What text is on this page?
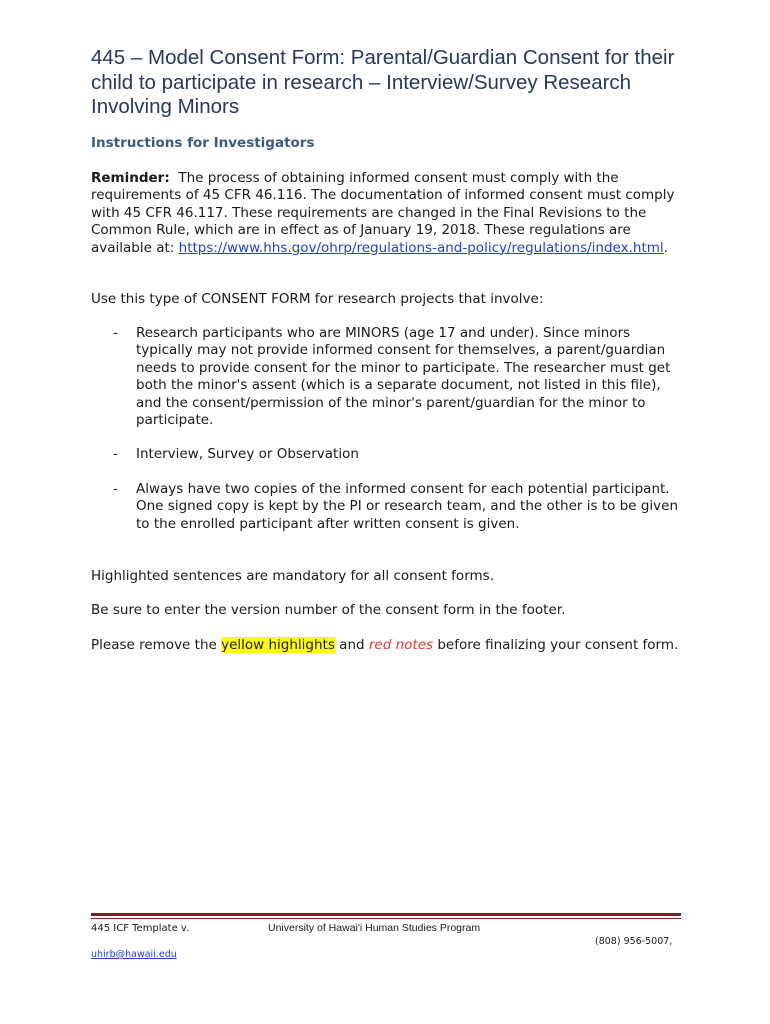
445 – Model Consent Form: Parental/Guardian Consent for their child to participate in research – Interview/Survey Research Involving Minors
Instructions for Investigators

Reminder: The process of obtaining informed consent must comply with the requirements of 45 CFR 46.116. The documentation of informed consent must comply with 45 CFR 46.117. These requirements are changed in the Final Revisions to the Common Rule, which are in effect as of January 19, 2018. These regulations are available at: https://www.hhs.gov/ohrp/regulations-and-policy/regulations/index.html.

Use this type of CONSENT FORM for research projects that involve:

- Research participants who are MINORS (age 17 and under). Since minors typically may not provide informed consent for themselves, a parent/guardian needs to provide consent for the minor to participate. The researcher must get both the minor's assent (which is a separate document, not listed in this file), and the consent/permission of the minor's parent/guardian for the minor to participate.
- Interview, Survey or Observation
- Always have two copies of the informed consent for each potential participant. One signed copy is kept by the PI or research team, and the other is to be given to the enrolled participant after written consent is given.

Highlighted sentences are mandatory for all consent forms.

Be sure to enter the version number of the consent form in the footer.

Please remove the yellow highlights and red notes before finalizing your consent form.

445 ICF Template v.	University of Hawai'i Human Studies Program
(808) 956-5007,
uhirb@hawaii.edu
